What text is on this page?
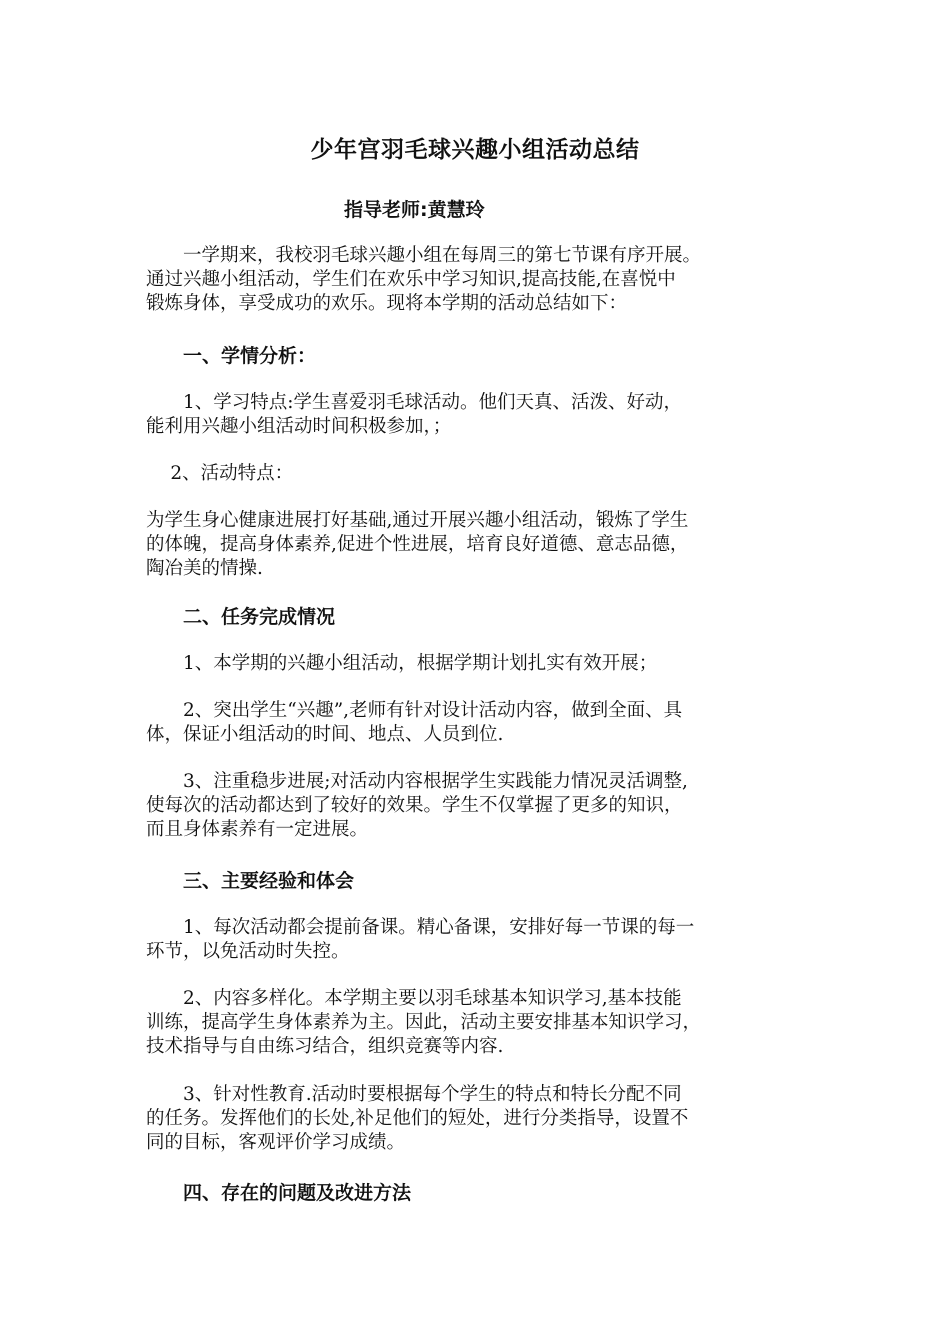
少年宫羽毛球兴趣小组活动总结
指导老师:黄慧玲

　　一学期来，我校羽毛球兴趣小组在每周三的第七节课有序开展。
通过兴趣小组活动，学生们在欢乐中学习知识,提高技能,在喜悦中
锻炼身体，享受成功的欢乐。现将本学期的活动总结如下：

一、学情分析：

　　1、学习特点:学生喜爱羽毛球活动。他们天真、活泼、好动，
能利用兴趣小组活动时间积极参加，；

　 2、活动特点：

为学生身心健康进展打好基础,通过开展兴趣小组活动，锻炼了学生
的体魄，提高身体素养,促进个性进展，培育良好道德、意志品德，
陶冶美的情操.

二、任务完成情况

　　1、本学期的兴趣小组活动，根据学期计划扎实有效开展；

　　2、突出学生“兴趣”,老师有针对设计活动内容，做到全面、具
体，保证小组活动的时间、地点、人员到位.

　　3、注重稳步进展;对活动内容根据学生实践能力情况灵活调整,
使每次的活动都达到了较好的效果。学生不仅掌握了更多的知识，
而且身体素养有一定进展。

三、主要经验和体会

　　1、每次活动都会提前备课。精心备课，安排好每一节课的每一
环节，以免活动时失控。

　　2、内容多样化。本学期主要以羽毛球基本知识学习,基本技能
训练，提高学生身体素养为主。因此，活动主要安排基本知识学习，
技术指导与自由练习结合，组织竞赛等内容.

　　3、针对性教育.活动时要根据每个学生的特点和特长分配不同
的任务。发挥他们的长处,补足他们的短处，进行分类指导，设置不
同的目标，客观评价学习成绩。

四、存在的问题及改进方法
